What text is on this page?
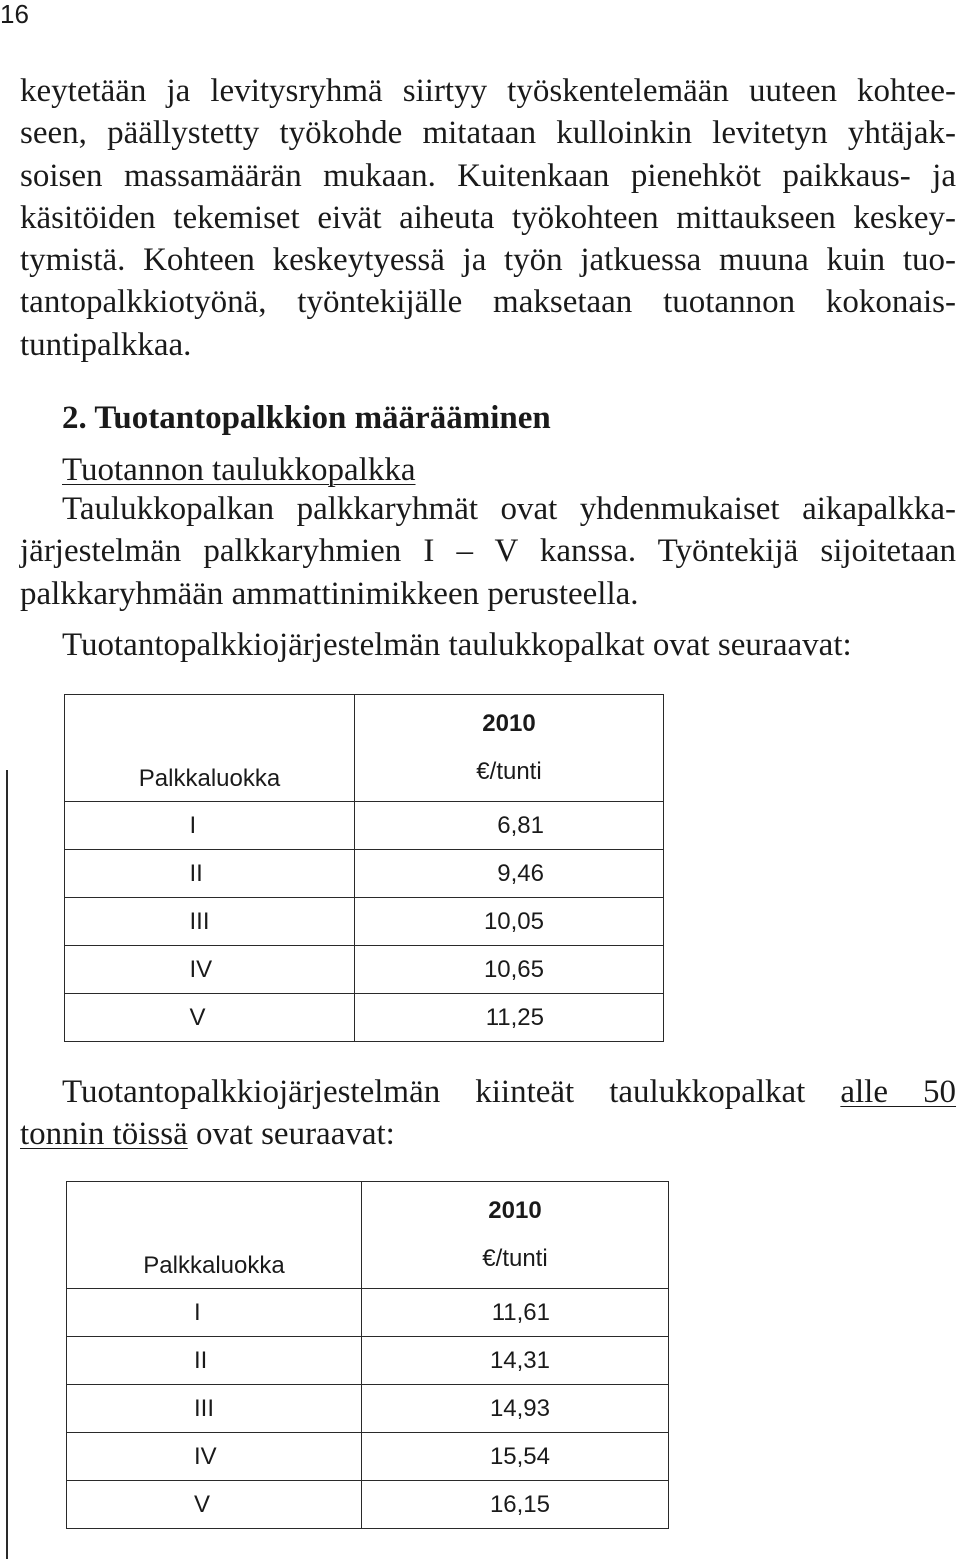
16

keytetään ja levitysryhmä siirtyy työskentelemään uuteen kohtee-
seen, päällystetty työkohde mitataan kulloinkin levitetyn yhtäjak-
soisen massamäärän mukaan. Kuitenkaan pienehköt paikkaus- ja
käsitöiden tekemiset eivät aiheuta työkohteen mittaukseen keskey-
tymistä. Kohteen keskeytyessä ja työn jatkuessa muuna kuin tuo-
tantopalkkiotyönä, työntekijälle maksetaan tuotannon kokonais-
tuntipalkkaa.

2. Tuotantopalkkion määrääminen

Tuotannon taulukkopalkka

Taulukkopalkan palkkaryhmät ovat yhdenmukaiset aikapalkka-
järjestelmän palkkaryhmien I – V kanssa. Työntekijä sijoitetaan
palkkaryhmään ammattinimikkeen perusteella.

Tuotantopalkkiojärjestelmän taulukkopalkat ovat seuraavat:

Palkkaluokka	2010
€/tunti

I	6,81
II	9,46
III	10,05
IV	10,65
V	11,25

Tuotantopalkkiojärjestelmän kiinteät taulukkopalkat alle 50
tonnin töissä ovat seuraavat:

Palkkaluokka	2010
€/tunti

I	11,61
II	14,31
III	14,93
IV	15,54
V	16,15
